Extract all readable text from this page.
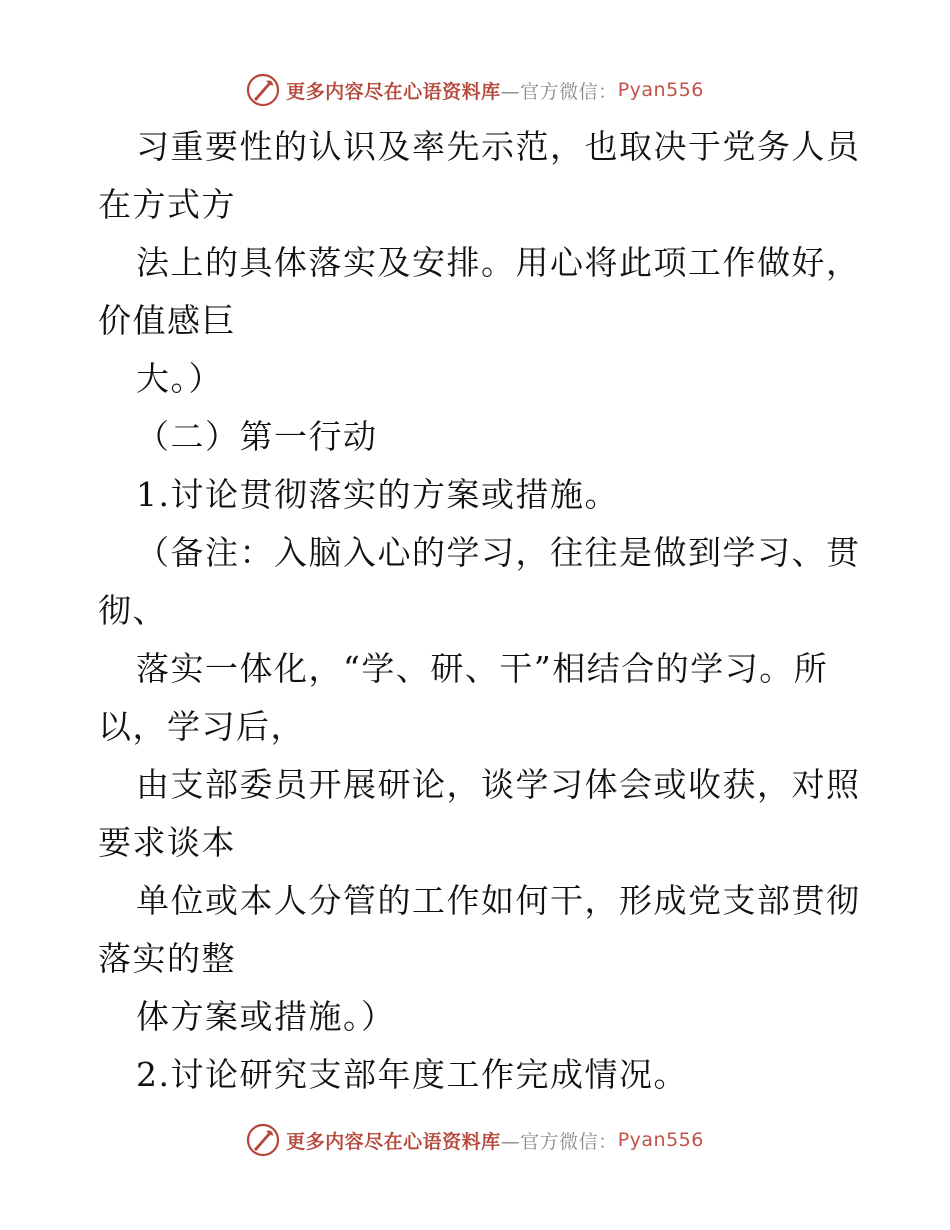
更多内容尽在心语资料库 —官方微信： Pyan556
习重要性的认识及率先示范，也取决于党务人员
在方式方
法上的具体落实及安排。用心将此项工作做好，
价值感巨
大。）
（二）第一行动
1.讨论贯彻落实的方案或措施。
（备注：入脑入心的学习，往往是做到学习、贯
彻、
落实一体化，“学、研、干”相结合的学习。所
以，学习后，
由支部委员开展研论，谈学习体会或收获，对照
要求谈本
单位或本人分管的工作如何干，形成党支部贯彻
落实的整
体方案或措施。）
2.讨论研究支部年度工作完成情况。
更多内容尽在心语资料库 —官方微信： Pyan556
